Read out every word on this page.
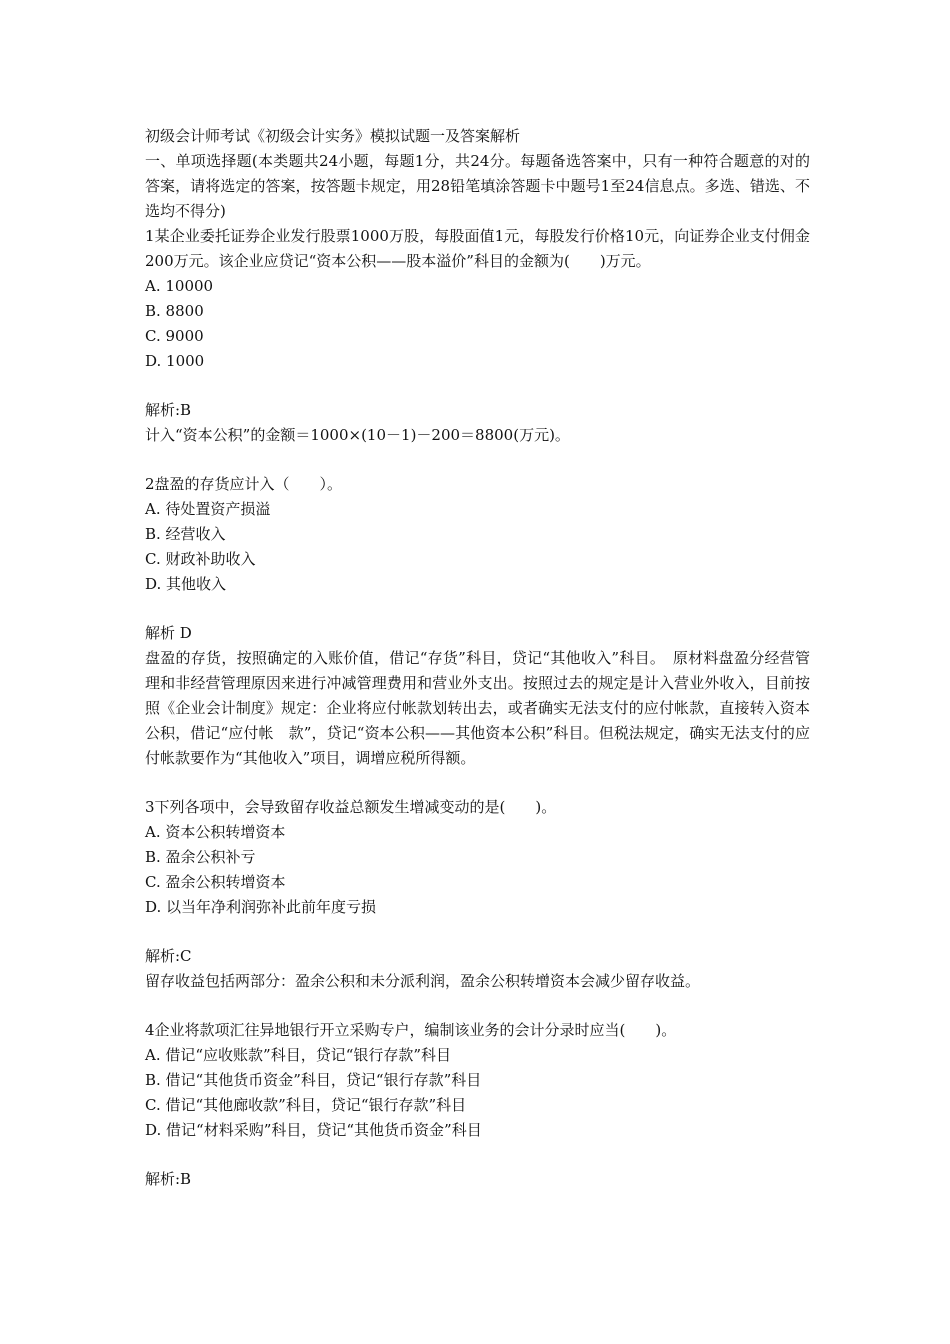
初级会计师考试《初级会计实务》模拟试题一及答案解析
一、单项选择题(本类题共24小题，每题1分，共24分。每题备选答案中，只有一种符合题意的对的答案，请将选定的答案，按答题卡规定，用28铅笔填涂答题卡中题号1至24信息点。多选、错选、不选均不得分)
1某企业委托证券企业发行股票1000万股，每股面值1元，每股发行价格10元，向证券企业支付佣金200万元。该企业应贷记“资本公积——股本溢价”科目的金额为(　　)万元。
A. 10000
B. 8800
C. 9000
D. 1000
解析:B
计入“资本公积”的金额＝1000×(10－1)－200＝8800(万元)。
2盘盈的存货应计入（　　）。
A. 待处置资产损溢
B. 经营收入
C. 财政补助收入
D. 其他收入
解析 D
盘盈的存货，按照确定的入账价值，借记“存货”科目，贷记“其他收入”科目。　原材料盘盈分经营管理和非经营管理原因来进行冲减管理费用和营业外支出。按照过去的规定是计入营业外收入，目前按照《企业会计制度》规定：企业将应付帐款划转出去，或者确实无法支付的应付帐款，直接转入资本公积，借记“应付帐　款”，贷记“资本公积——其他资本公积”科目。但税法规定，确实无法支付的应付帐款要作为“其他收入”项目，调增应税所得额。
3下列各项中，会导致留存收益总额发生增减变动的是(　　)。
A. 资本公积转增资本
B. 盈余公积补亏
C. 盈余公积转增资本
D. 以当年净利润弥补此前年度亏损
解析:C
留存收益包括两部分：盈余公积和未分派利润，盈余公积转增资本会减少留存收益。
4企业将款项汇往异地银行开立采购专户，编制该业务的会计分录时应当(　　)。
A. 借记“应收账款”科目，贷记“银行存款”科目
B. 借记“其他货币资金”科目，贷记“银行存款”科目
C. 借记“其他廊收款”科目，贷记“银行存款”科目
D. 借记“材料采购”科目，贷记“其他货币资金”科目
解析:B
